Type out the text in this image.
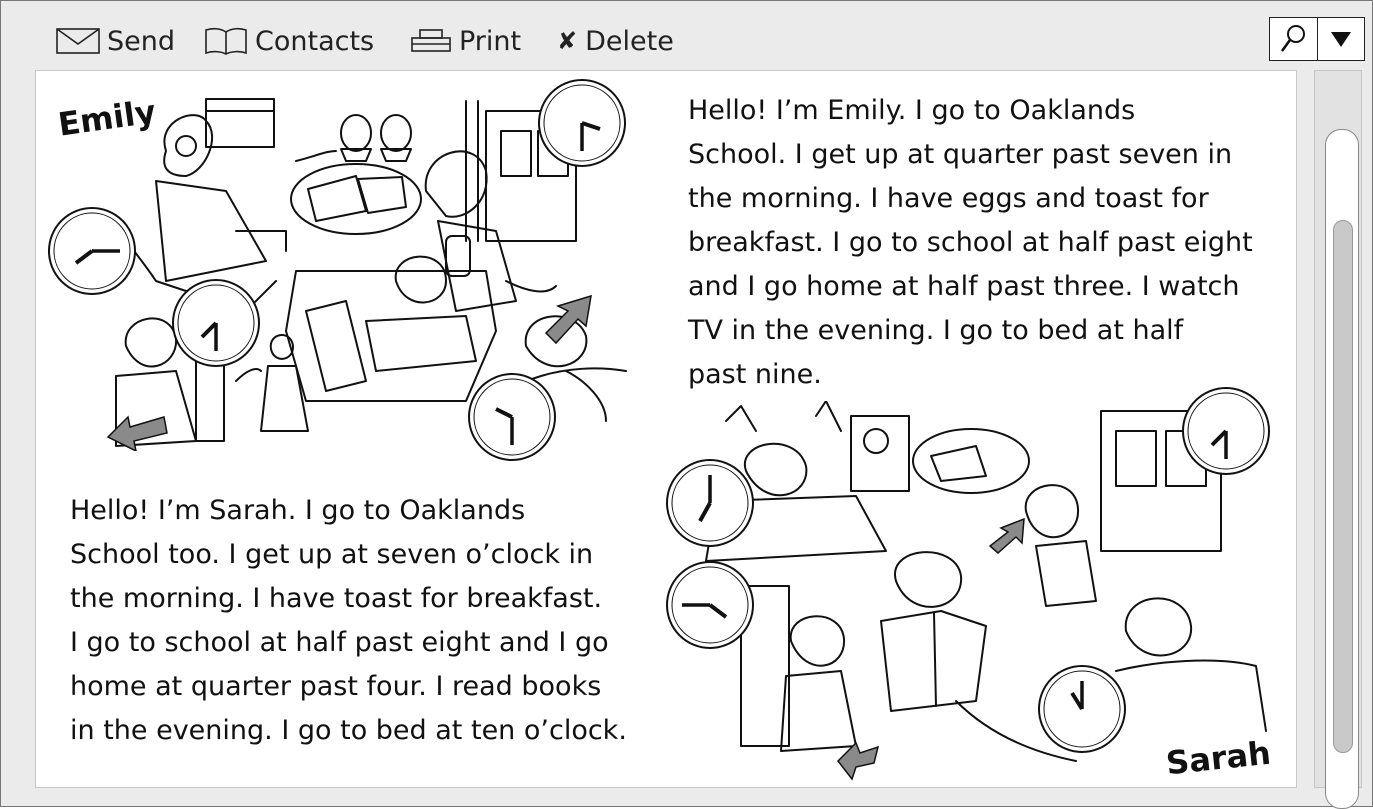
Send	Contacts	Print ✘ Delete
Emily	Hello! I’m Emily. I go to Oaklands
School. I get up at quarter past seven in
the morning. I have eggs and toast for
breakfast. I go to school at half past eight
and I go home at half past three. I watch
TV in the evening. I go to bed at half
past nine.
Hello! I’m Sarah. I go to Oaklands
School too. I get up at seven o’clock in
the morning. I have toast for breakfast.
I go to school at half past eight and I go
home at quarter past four. I read books
in the evening. I go to bed at ten o’clock.
Sarah
